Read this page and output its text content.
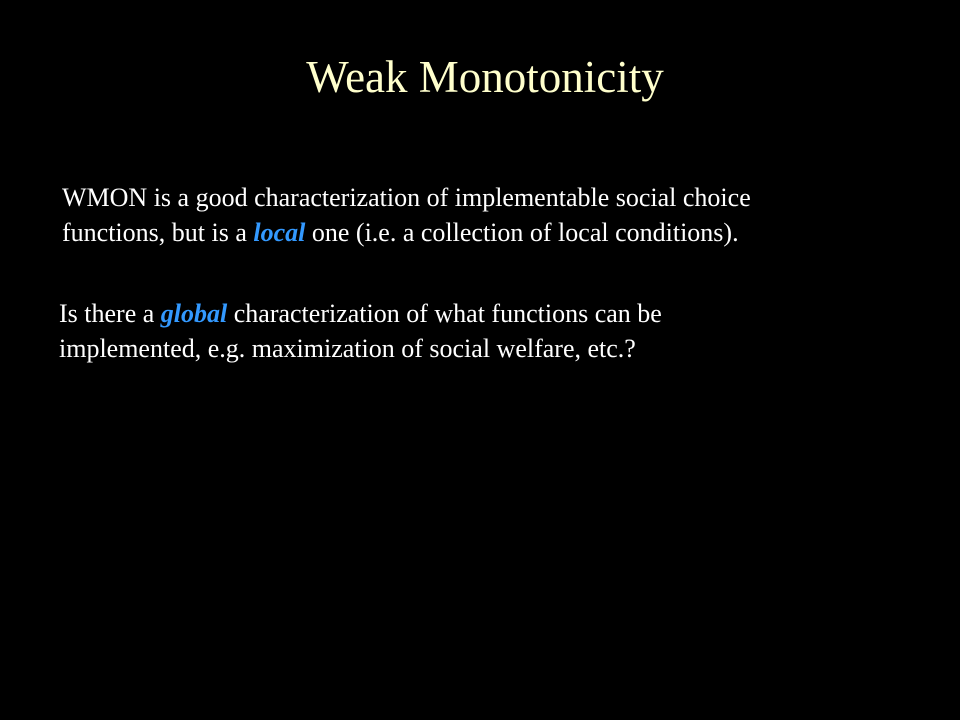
Weak Monotonicity
WMON is a good characterization of implementable social choice
functions, but is a local one (i.e. a collection of local conditions).
Is there a global characterization of what functions can be
implemented, e.g. maximization of social welfare, etc.?
